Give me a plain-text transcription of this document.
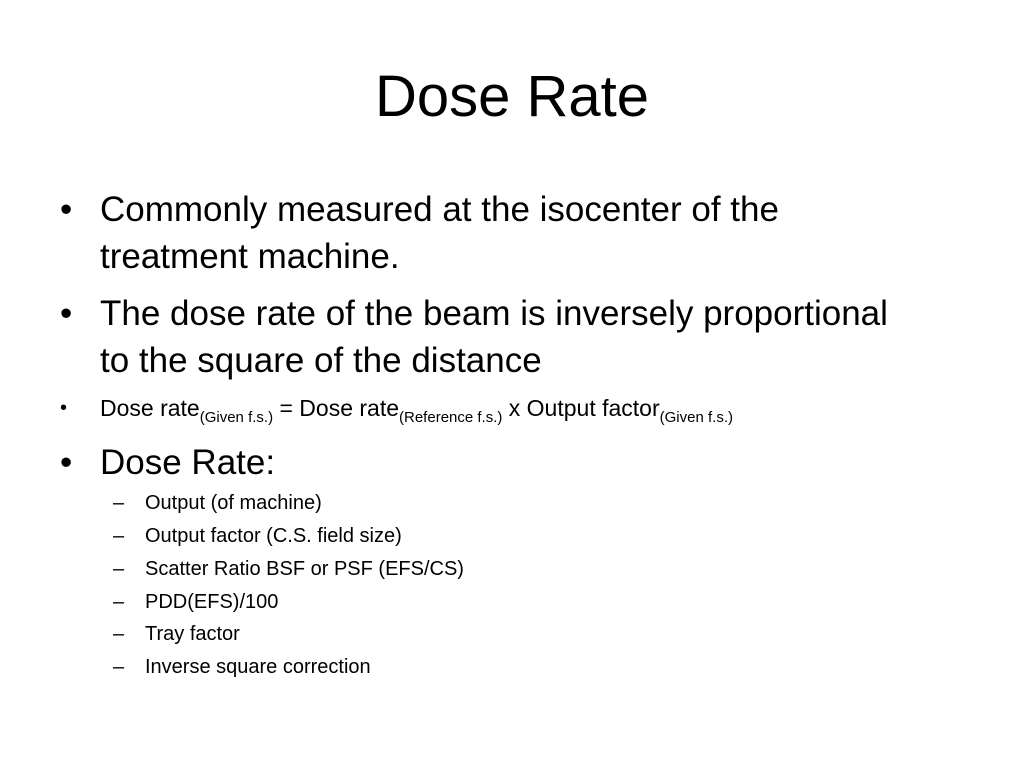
Dose Rate
• Commonly measured at the isocenter of the treatment machine.
• The dose rate of the beam is inversely proportional to the square of the distance
• Dose rate$_{(Given f.s.)}$ = Dose rate$_{(Reference f.s.)}$ x Output factor$_{(Given f.s.)}$
• Dose Rate:
– Output (of machine)
– Output factor (C.S. field size)
– Scatter Ratio BSF or PSF (EFS/CS)
– PDD(EFS)/100
– Tray factor
– Inverse square correction
